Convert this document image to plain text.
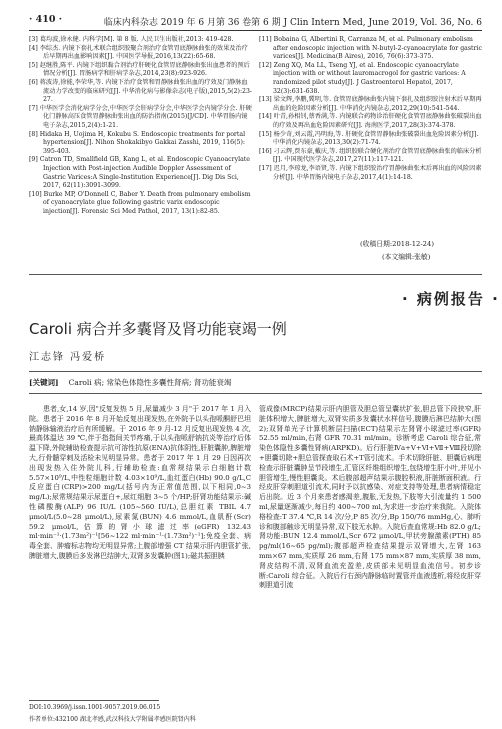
· 410 ·	临床内科杂志 2019 年 6 月第 36 卷第 6 期 J Clin Intern Med, June 2019, Vol. 36, No. 6
[3] 葛均波,徐永健. 内科学[M]. 第 8 版. 人民卫生出版社,2013: 419-428.
[4] 李综杰. 内镜下套扎术联合组织胶聚合剂治疗食管胃底静脉曲张的效果及治疗后早期再出血影响因素[J]. 中国医学导报,2016,13(22):65-68.
[5] 赵继胜,陈平. 内镜下组织黏合剂治疗肝硬化食管胃底静脉曲张出血患者的预后情况分析[J]. 胃肠病学和肝病学杂志,2014,23(8):923-926.
[6] 蒋波涛,徐能,李荣华,等. 内镜下治疗食管和胃静脉曲张出血的疗效及门静脉血流动力学改变的临床研究[J]. 中华消化病与影像杂志(电子版),2015,5(2):23-27.
[7] 中华医学会消化病学分会,中华医学会肝病学分会,中华医学会内镜学分会. 肝硬化门静脉高压食管胃静脉曲张出血的防治指南(2015)[J/CD]. 中华胃肠内镜电子杂志,2015,2(4):1-21.
[8] Hidaka H, Uojima H, Kokubu S. Endoscopic treatments for portal hypertension[J]. Nihon Shokakibyo Gakkai Zasshi, 2019, 116(5): 395-403.
[9] Catron TD, Smallfield GB, Kang L, et al. Endoscopic Cyanoacrylate Injection with Post-injection Audible Doppler Assessment of Gastric Varices:A Single-Institution Experience[J]. Dig Dis Sci, 2017, 62(11):3091-3099.
[10] Burke MP, O'Donnell C, Baber Y. Death from pulmonary embolism of cyanoacrylate glue following gastric varix endoscopic injection[J]. Forensic Sci Med Pathol, 2017, 13(1):82-85.
[11] Bobaina G, Albertini R, Carranza M, et al. Pulmonary embolism after endoscopic injection with N-butyl-2-cyanoacrylate for gastric varices[J]. Medicina(B Aires), 2016, 76(6):373-375.
[12] Zeng XQ, Ma LL, Tseng YJ, et al. Endoscopic cyanoacrylate injection with or without lauromacrogol for gastric varices: A randomized pilot study[J]. J Gastroenterol Hepatol, 2017, 32(3):631-638.
[13] 梁文辉,李鹏,冀明,等. 食管胃底静脉曲张内镜下套扎及组织胶注射术后早期再出血的危险因素分析[J]. 中华消化内镜杂志,2012,29(10):541-544.
[14] 叶青,孙相钊,蔡香满,等. 内镜联合药物诊治肝硬化食管胃底静脉曲张破裂出血的疗效及再出血危险因素研究[J]. 海南医学,2017,28(3):374-378.
[15] 杨少奇,刘云霞,冯明海,等. 肝硬化食管胃静脉曲张破裂出血危险因素分析[J]. 中华消化内镜杂志,2013,30(2):71-74.
[16] 刁云辉,贾东豪,戴庆,等. 组织胶联合硬化剂治疗食管胃底静脉曲张的临床分析[J]. 中国现代医学杂志,2017,27(11):117-121.
[17] 迟月,李琼龙,李语贤,等. 内镜下组织胶治疗胃静脉曲张术后再出血的风险因素分析[J]. 中华胃肠内镜电子杂志,2017,4(1):14-18.
(收稿日期:2018-12-24)
(本文编辑:张敏)
· 病例报告 ·
Caroli 病合并多囊肾及肾功能衰竭一例
江志锋 冯爱桥
[关键词] Caroli 病; 常染色体隐性多囊性肾病; 肾功能衰竭

患者,女,14 岁,因"反复发热 5 月,尿量减少 3 月"于 2017 年 1 月入院。患者于 2016 年 8 月开始反复出现发热,在外院予以头孢哌酮舒巴坦钠静脉输液治疗后有所缓解。于 2016 年 9 月-12 月反复出现发热 4 次,最高体温达 39 ℃,伴于指指间关节疼痛,于以头孢哌舒钠抗炎等治疗后体温下降,外院辅助检查提示抗可溶性抗原(ENA)抗体阴性,肝脏囊肿,脾脏增大,行骨髓穿刺及活检未见明显异常。患者于 2017 年 1 月 29 日因再次出现发热入住外院儿科,行辅助检查:血常规结果示白细胞计数 5.57×10⁹/L,中性粒细胞计数 4.03×10⁹/L,血红蛋白(Hb) 90.0 g/L,C 反应蛋白(CRP)>200 mg/L(括号内为正常值范围,以下相同,0~3 mg/L);尿常规结果示尿蛋白+,尿红细胞 3~5 个/HP;肝肾功能结果示:碱性磷酸酶(ALP) 96 IU/L (105~560 IU/L),总胆红素 TBIL 4.7 μmol/L(5.0~28 μmol/L),尿素氮(BUN) 4.6 mmol/L,血肌酐(Scr) 59.2 μmol/L,估算的肾小球滤过率(eGFR) 132.43 ml·min⁻¹·(1.73m²)⁻¹[56~122 ml·min⁻¹·(1.73m²)⁻¹];免疫全套、病毒全套、肿瘤标志物均无明显异常;上腹部增强 CT 结果示肝内胆管扩张,脾脏增大,腹膜后多发淋巴结肿大,双肾多发囊肿(图1);磁共振胆胰

管成像(MRCP)结果示肝内胆管及胆总管呈囊状扩张,胆总管下段狭窄,肝脏体积增大,脾脏增大,双肾实质多发囊状水样信号,腹膜后淋巴结肿大(图2);双肾单光子计算机断层扫描(ECT)结果示左肾肾小球滤过率(GFR) 52.55 ml/min,右肾 GFR 70.31 ml/min。诊断考虑 Caroli 综合征,常染色体隐性多囊性肾病(ARPKD)。后行肝脏Ⅳa+Ⅴ+Ⅵ+Ⅶ+Ⅷ段切除+胆囊切除+胆总管探查取石术+T管引流术。手术切除肝脏、胆囊后病理检查示肝脏囊肿呈节段增生,汇管区纤维组织增生,包绕增生肝小叶,并见小胆管增生,慢性胆囊炎。术后腹部超声结果示腹腔积液,肝脏断面积液。行经皮肝穿刺胆道引流术,同时予以抗感染、对症支持等处理,患者病情稳定后出院。近 3 个月来患者感渴差,腹胀,无发热,下肢等大引流量约 1 500 ml,尿量逐渐减少,每日约 400~700 ml,为求进一步治疗来我院。入院体格检查:T 37.4 ℃,R 14 次/分,P 85 次/分,Bp 150/76 mmHg,心、肺听诊和腹部触诊无明显异常,双下肢无水肿。入院后查血常规:Hb 82.0 g/L;肾功能:BUN 12.4 mmol/L,Scr 672 μmol/L,甲状旁腺激素(PTH) 85 pg/ml(16~65 pg/ml);腹部超声检查结果提示双肾增大,左肾 163 mm×67 mm,实质厚 26 mm,右肾 175 mm×87 mm,实质厚 38 mm,肾皮结构不清,双肾血流充盈差,皮质部未见明显血流信号。初步诊断:Caroli 综合征。入院后行右颈内静脉临时置管并血液透析,将经皮肝穿刺胆道引流

DOI:10.3969/j.issn.1001-9057.2019.06.015
作者单位:432100 湖北孝感,武汉科技大学附属孝感医院肾内科
